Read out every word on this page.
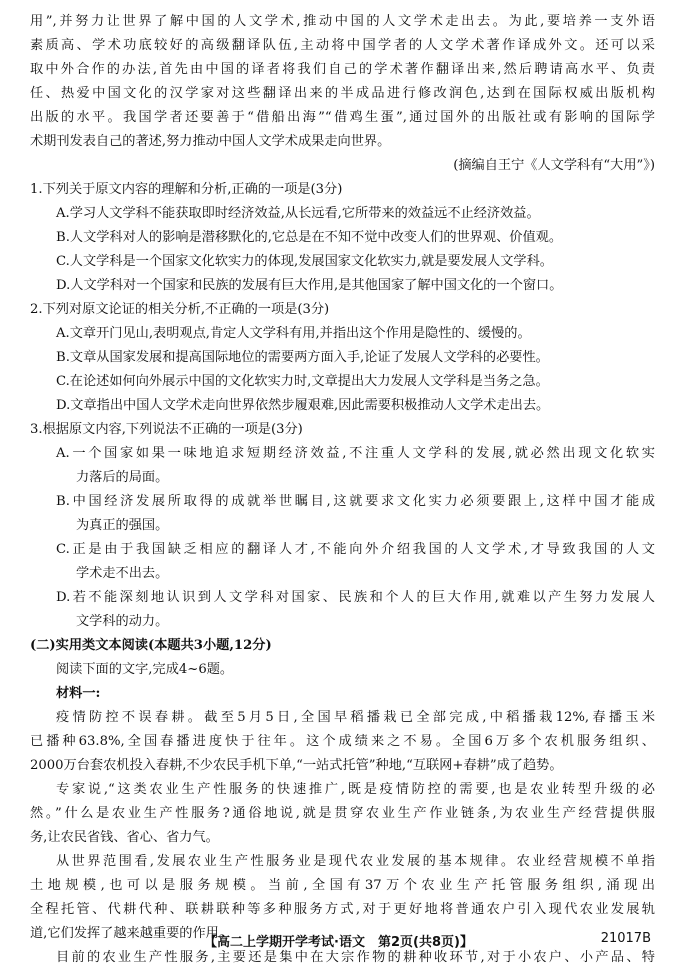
用”,并努力让世界了解中国的人文学术,推动中国的人文学术走出去。为此,要培养一支外语

素质高、学术功底较好的高级翻译队伍,主动将中国学者的人文学术著作译成外文。还可以采

取中外合作的办法,首先由中国的译者将我们自己的学术著作翻译出来,然后聘请高水平、负责

任、热爱中国文化的汉学家对这些翻译出来的半成品进行修改润色,达到在国际权威出版机构

出版的水平。我国学者还要善于“借船出海”“借鸡生蛋”,通过国外的出版社或有影响的国际学

术期刊发表自己的著述,努力推动中国人文学术成果走向世界。

(摘编自王宁《人文学科有“大用”》)

1.下列关于原文内容的理解和分析,正确的一项是(3分)

A.学习人文学科不能获取即时经济效益,从长远看,它所带来的效益远不止经济效益。

B.人文学科对人的影响是潜移默化的,它总是在不知不觉中改变人们的世界观、价值观。

C.人文学科是一个国家文化软实力的体现,发展国家文化软实力,就是要发展人文学科。

D.人文学科对一个国家和民族的发展有巨大作用,是其他国家了解中国文化的一个窗口。

2.下列对原文论证的相关分析,不正确的一项是(3分)

A.文章开门见山,表明观点,肯定人文学科有用,并指出这个作用是隐性的、缓慢的。

B.文章从国家发展和提高国际地位的需要两方面入手,论证了发展人文学科的必要性。

C.在论述如何向外展示中国的文化软实力时,文章提出大力发展人文学科是当务之急。

D.文章指出中国人文学术走向世界依然步履艰难,因此需要积极推动人文学术走出去。

3.根据原文内容,下列说法不正确的一项是(3分)

A.一个国家如果一味地追求短期经济效益,不注重人文学科的发展,就必然出现文化软实

力落后的局面。

B.中国经济发展所取得的成就举世瞩目,这就要求文化实力必须要跟上,这样中国才能成

为真正的强国。

C.正是由于我国缺乏相应的翻译人才,不能向外介绍我国的人文学术,才导致我国的人文

学术走不出去。

D.若不能深刻地认识到人文学科对国家、民族和个人的巨大作用,就难以产生努力发展人

文学科的动力。

(二)实用类文本阅读(本题共3小题,12分)

阅读下面的文字,完成4~6题。

材料一:

疫情防控不误春耕。截至5月5日,全国早稻播栽已全部完成,中稻播栽12%,春播玉米

已播种63.8%,全国春播进度快于往年。这个成绩来之不易。全国6万多个农机服务组织、

2000万台套农机投入春耕,不少农民手机下单,“一站式托管”种地,“互联网+春耕”成了趋势。

专家说,“这类农业生产性服务的快速推广,既是疫情防控的需要,也是农业转型升级的必

然。”什么是农业生产性服务?通俗地说,就是贯穿农业生产作业链条,为农业生产经营提供服

务,让农民省钱、省心、省力气。

从世界范围看,发展农业生产性服务业是现代农业发展的基本规律。农业经营规模不单指

土地规模,也可以是服务规模。当前,全国有37万个农业生产托管服务组织,涌现出

全程托管、代耕代种、联耕联种等多种服务方式,对于更好地将普通农户引入现代农业发展轨

道,它们发挥了越来越重要的作用。

目前的农业生产性服务,主要还是集中在大宗作物的耕种收环节,对于小农户、小产品、特

【高二上学期开学考试·语文　第2页(共8页)】	21017B
